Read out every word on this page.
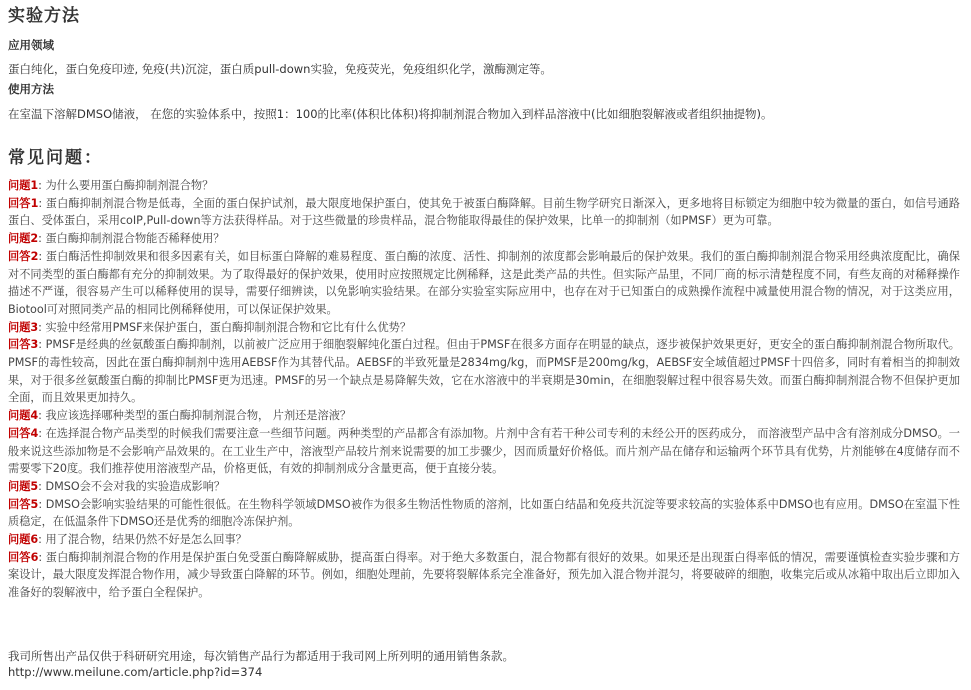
实验方法
应用领域
蛋白纯化，蛋白免疫印迹, 免疫(共)沉淀，蛋白质pull-down实验，免疫荧光，免疫组织化学，激酶测定等。
使用方法
在室温下溶解DMSO储液， 在您的实验体系中，按照1：100的比率(体积比体积)将抑制剂混合物加入到样品溶液中(比如细胞裂解液或者组织抽提物)。
常见问题：

问题1: 为什么要用蛋白酶抑制剂混合物？

回答1: 蛋白酶抑制剂混合物是低毒，全面的蛋白保护试剂，最大限度地保护蛋白，使其免于被蛋白酶降解。目前生物学研究日渐深入，更多地将目标锁定为细胞中较为微量的蛋白，如信号通路蛋白、受体蛋白，采用coIP,Pull-down等方法获得样品。对于这些微量的珍贵样品，混合物能取得最佳的保护效果，比单一的抑制剂（如PMSF）更为可靠。

问题2: 蛋白酶抑制剂混合物能否稀释使用？

回答2: 蛋白酶活性抑制效果和很多因素有关，如目标蛋白降解的难易程度、蛋白酶的浓度、活性、抑制剂的浓度都会影响最后的保护效果。我们的蛋白酶抑制剂混合物采用经典浓度配比，确保对不同类型的蛋白酶都有充分的抑制效果。为了取得最好的保护效果，使用时应按照规定比例稀释，这是此类产品的共性。但实际产品里，不同厂商的标示清楚程度不同，有些友商的对稀释操作描述不严谨，很容易产生可以稀释使用的误导，需要仔细辨读，以免影响实验结果。在部分实验室实际应用中，也存在对于已知蛋白的成熟操作流程中减量使用混合物的情况，对于这类应用，Biotool可对照同类产品的相同比例稀释使用，可以保证保护效果。

问题3: 实验中经常用PMSF来保护蛋白，蛋白酶抑制剂混合物和它比有什么优势？

回答3: PMSF是经典的丝氨酸蛋白酶抑制剂，以前被广泛应用于细胞裂解纯化蛋白过程。但由于PMSF在很多方面存在明显的缺点，逐步被保护效果更好，更安全的蛋白酶抑制剂混合物所取代。PMSF的毒性较高，因此在蛋白酶抑制剂中选用AEBSF作为其替代品。AEBSF的半致死量是2834mg/kg，而PMSF是200mg/kg，AEBSF安全域值超过PMSF十四倍多，同时有着相当的抑制效果，对于很多丝氨酸蛋白酶的抑制比PMSF更为迅速。PMSF的另一个缺点是易降解失效，它在水溶液中的半衰期是30min，在细胞裂解过程中很容易失效。而蛋白酶抑制剂混合物不但保护更加全面，而且效果更加持久。

问题4: 我应该选择哪种类型的蛋白酶抑制剂混合物， 片剂还是溶液？

回答4: 在选择混合物产品类型的时候我们需要注意一些细节问题。两种类型的产品都含有添加物。片剂中含有若干种公司专利的未经公开的医药成分， 而溶液型产品中含有溶剂成分DMSO。一般来说这些添加物是不会影响产品效果的。在工业生产中，溶液型产品较片剂来说需要的加工步骤少，因而质量好价格低。而片剂产品在储存和运输两个环节具有优势，片剂能够在4度储存而不需要零下20度。我们推荐使用溶液型产品，价格更低，有效的抑制剂成分含量更高，便于直接分装。

问题5: DMSO会不会对我的实验造成影响？

回答5: DMSO会影响实验结果的可能性很低。在生物科学领域DMSO被作为很多生物活性物质的溶剂，比如蛋白结晶和免疫共沉淀等要求较高的实验体系中DMSO也有应用。DMSO在室温下性质稳定，在低温条件下DMSO还是优秀的细胞冷冻保护剂。

问题6: 用了混合物，结果仍然不好是怎么回事？

回答6: 蛋白酶抑制剂混合物的作用是保护蛋白免受蛋白酶降解威胁，提高蛋白得率。对于绝大多数蛋白，混合物都有很好的效果。如果还是出现蛋白得率低的情况，需要谨慎检查实验步骤和方案设计，最大限度发挥混合物作用，减少导致蛋白降解的环节。例如，细胞处理前，先要将裂解体系完全准备好，预先加入混合物并混匀，将要破碎的细胞，收集完后或从冰箱中取出后立即加入准备好的裂解液中，给予蛋白全程保护。

我司所售出产品仅供于科研研究用途，每次销售产品行为都适用于我司网上所列明的通用销售条款。
http://www.meilune.com/article.php?id=374
